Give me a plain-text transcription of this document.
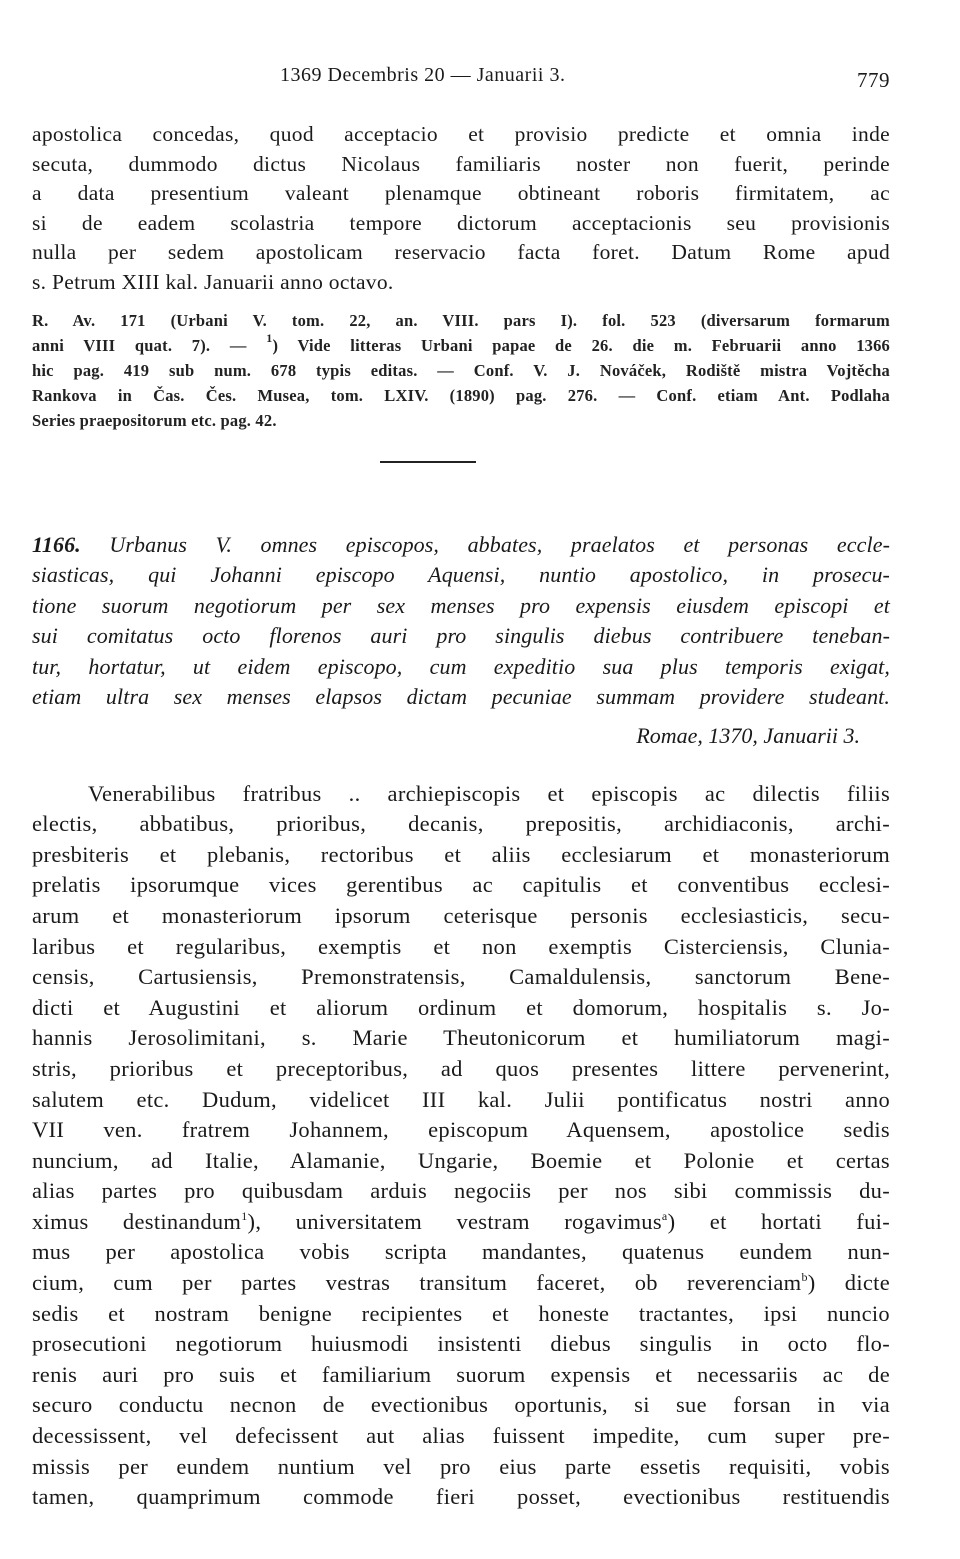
1369 Decembris 20 — Januarii 3.	779
apostolica concedas, quod acceptacio et provisio predicte et omnia inde
secuta, dummodo dictus Nicolaus familiaris noster non fuerit, perinde
a data presentium valeant plenamque obtineant roboris firmitatem, ac
si de eadem scolastria tempore dictorum acceptacionis seu provisionis
nulla per sedem apostolicam reservacio facta foret. Datum Rome apud
s. Petrum XIII kal. Januarii anno octavo.
R. Av. 171 (Urbani V. tom. 22, an. VIII. pars I). fol. 523 (diversarum formarum
anni VIII quat. 7). — $^1$) Vide litteras Urbani papae de 26. die m. Februarii anno 1366
hic pag. 419 sub num. 678 typis editas. — Conf. V. J. Nováček, Rodiště mistra Vojtěcha
Rankova in Čas. Čes. Musea, tom. LXIV. (1890) pag. 276. — Conf. etiam Ant. Podlaha
Series praepositorum etc. pag. 42.
1166. Urbanus V. omnes episcopos, abbates, praelatos et personas eccle-
siasticas, qui Johanni episcopo Aquensi, nuntio apostolico, in prosecu-
tione suorum negotiorum per sex menses pro expensis eiusdem episcopi et
sui comitatus octo florenos auri pro singulis diebus contribuere teneban-
tur, hortatur, ut eidem episcopo, cum expeditio sua plus temporis exigat,
etiam ultra sex menses elapsos dictam pecuniae summam providere studeant.
Romae, 1370, Januarii 3.
Venerabilibus fratribus .. archiepiscopis et episcopis ac dilectis filiis
electis, abbatibus, prioribus, decanis, prepositis, archidiaconis, archi-
presbiteris et plebanis, rectoribus et aliis ecclesiarum et monasteriorum
prelatis ipsorumque vices gerentibus ac capitulis et conventibus ecclesi-
arum et monasteriorum ipsorum ceterisque personis ecclesiasticis, secu-
laribus et regularibus, exemptis et non exemptis Cisterciensis, Clunia-
censis, Cartusiensis, Premonstratensis, Camaldulensis, sanctorum Bene-
dicti et Augustini et aliorum ordinum et domorum, hospitalis s. Jo-
hannis Jerosolimitani, s. Marie Theutonicorum et humiliatorum magi-
stris, prioribus et preceptoribus, ad quos presentes littere pervenerint,
salutem etc. Dudum, videlicet III kal. Julii pontificatus nostri anno
VII ven. fratrem Johannem, episcopum Aquensem, apostolice sedis
nuncium, ad Italie, Alamanie, Ungarie, Boemie et Polonie et certas
alias partes pro quibusdam arduis negociis per nos sibi commissis du-
ximus destinandum$^1$), universitatem vestram rogavimus$^a$) et hortati fui-
mus per apostolica vobis scripta mandantes, quatenus eundem nun-
cium, cum per partes vestras transitum faceret, ob reverenciam$^b$) dicte
sedis et nostram benigne recipientes et honeste tractantes, ipsi nuncio
prosecutioni negotiorum huiusmodi insistenti diebus singulis in octo flo-
renis auri pro suis et familiarium suorum expensis et necessariis ac de
securo conductu necnon de evectionibus oportunis, si sue forsan in via
decessissent, vel defecissent aut alias fuissent impedite, cum super pre-
missis per eundem nuntium vel pro eius parte essetis requisiti, vobis
tamen, quamprimum commode fieri posset, evectionibus restituendis
